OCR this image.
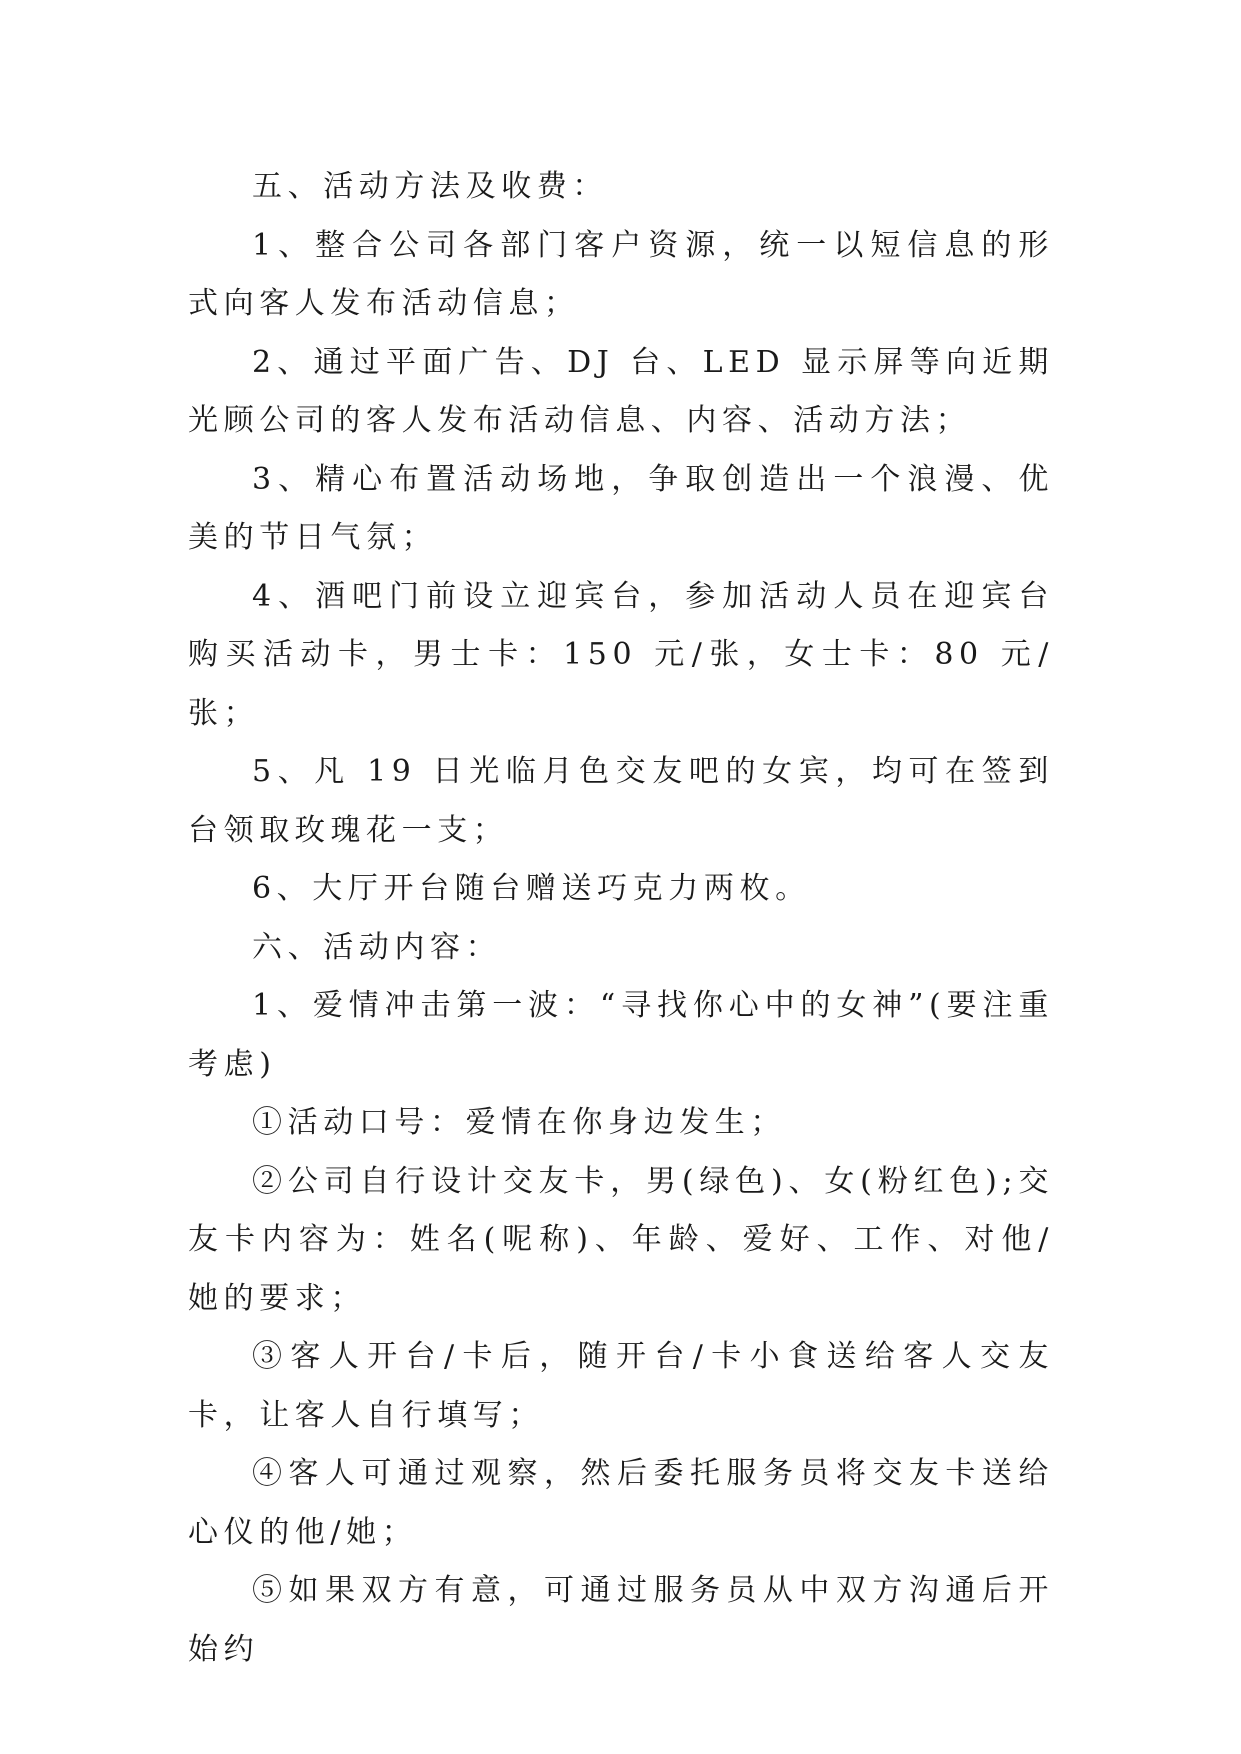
五、活动方法及收费：

1、整合公司各部门客户资源，统一以短信息的形式向客人发布活动信息；

2、通过平面广告、DJ 台、LED 显示屏等向近期光顾公司的客人发布活动信息、内容、活动方法；

3、精心布置活动场地，争取创造出一个浪漫、优美的节日气氛；

4、酒吧门前设立迎宾台，参加活动人员在迎宾台购买活动卡，男士卡：150 元/张，女士卡：80 元/张；

5、凡 19 日光临月色交友吧的女宾，均可在签到台领取玫瑰花一支；

6、大厅开台随台赠送巧克力两枚。

六、活动内容：

1、爱情冲击第一波：“寻找你心中的女神”(要注重考虑)

①活动口号：爱情在你身边发生；

②公司自行设计交友卡，男(绿色)、女(粉红色);交友卡内容为：姓名(呢称)、年龄、爱好、工作、对他/她的要求；

③客人开台/卡后，随开台/卡小食送给客人交友卡，让客人自行填写；

④客人可通过观察，然后委托服务员将交友卡送给心仪的他/她；

⑤如果双方有意，可通过服务员从中双方沟通后开始约
